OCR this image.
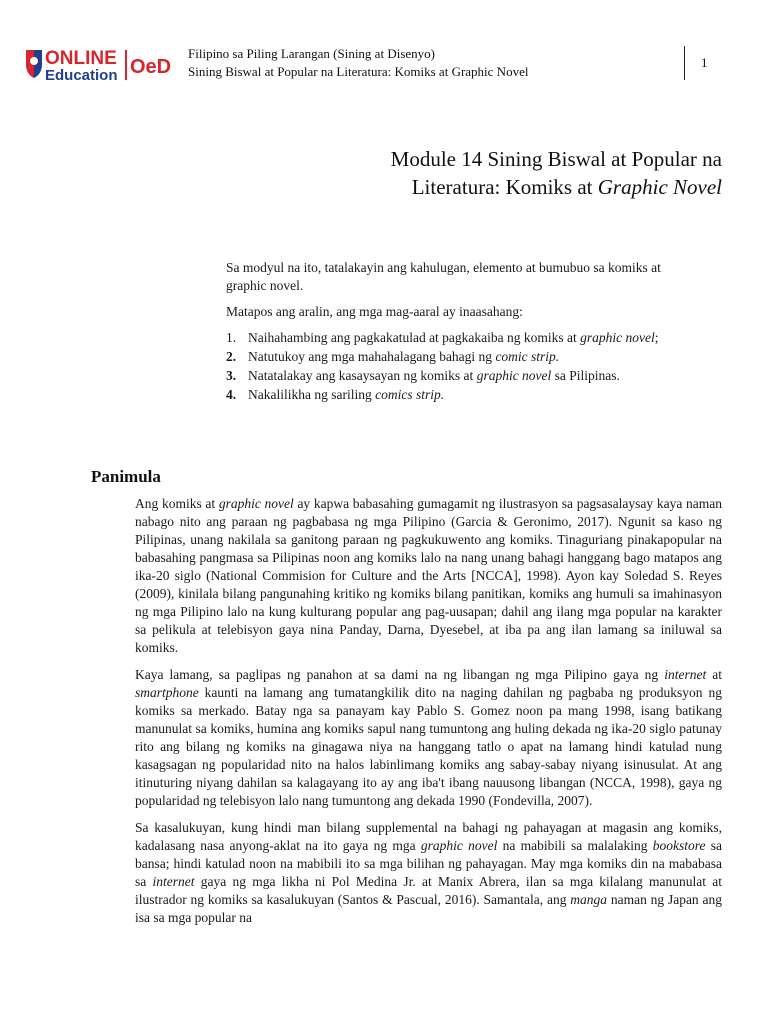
ONLINE
Education OeD
Filipino sa Piling Larangan (Sining at Disenyo)
Sining Biswal at Popular na Literatura: Komiks at Graphic Novel
1
Module 14 Sining Biswal at Popular na
Literatura: Komiks at Graphic Novel

Sa modyul na ito, tatalakayin ang kahulugan, elemento at bumubuo sa komiks at graphic novel.

Matapos ang aralin, ang mga mag-aaral ay inaasahang:

1. Naihahambing ang pagkakatulad at pagkakaiba ng komiks at graphic novel;
2. Natutukoy ang mga mahahalagang bahagi ng comic strip.
3. Natatalakay ang kasaysayan ng komiks at graphic novel sa Pilipinas.
4. Nakalilikha ng sariling comics strip.
Panimula

Ang komiks at graphic novel ay kapwa babasahing gumagamit ng ilustrasyon sa pagsasalaysay kaya naman nabago nito ang paraan ng pagbabasa ng mga Pilipino (Garcia & Geronimo, 2017). Ngunit sa kaso ng Pilipinas, unang nakilala sa ganitong paraan ng pagkukuwento ang komiks. Tinaguriang pinakapopular na babasahing pangmasa sa Pilipinas noon ang komiks lalo na nang unang bahagi hanggang bago matapos ang ika-20 siglo (National Commision for Culture and the Arts [NCCA], 1998). Ayon kay Soledad S. Reyes (2009), kinilala bilang pangunahing kritiko ng komiks bilang panitikan, komiks ang humuli sa imahinasyon ng mga Pilipino lalo na kung kulturang popular ang pag-uusapan; dahil ang ilang mga popular na karakter sa pelikula at telebisyon gaya nina Panday, Darna, Dyesebel, at iba pa ang ilan lamang sa iniluwal sa komiks.

Kaya lamang, sa paglipas ng panahon at sa dami na ng libangan ng mga Pilipino gaya ng internet at smartphone kaunti na lamang ang tumatangkilik dito na naging dahilan ng pagbaba ng produksyon ng komiks sa merkado. Batay nga sa panayam kay Pablo S. Gomez noon pa mang 1998, isang batikang manunulat sa komiks, humina ang komiks sapul nang tumuntong ang huling dekada ng ika-20 siglo patunay rito ang bilang ng komiks na ginagawa niya na hanggang tatlo o apat na lamang hindi katulad nung kasagsagan ng popularidad nito na halos labinlimang komiks ang sabay-sabay niyang isinusulat. At ang itinuturing niyang dahilan sa kalagayang ito ay ang iba't ibang nauusong libangan (NCCA, 1998), gaya ng popularidad ng telebisyon lalo nang tumuntong ang dekada 1990 (Fondevilla, 2007).

Sa kasalukuyan, kung hindi man bilang supplemental na bahagi ng pahayagan at magasin ang komiks, kadalasang nasa anyong-aklat na ito gaya ng mga graphic novel na mabibili sa malalaking bookstore sa bansa; hindi katulad noon na mabibili ito sa mga bilihan ng pahayagan. May mga komiks din na mababasa sa internet gaya ng mga likha ni Pol Medina Jr. at Manix Abrera, ilan sa mga kilalang manunulat at ilustrador ng komiks sa kasalukuyan (Santos & Pascual, 2016). Samantala, ang manga naman ng Japan ang isa sa mga popular na
